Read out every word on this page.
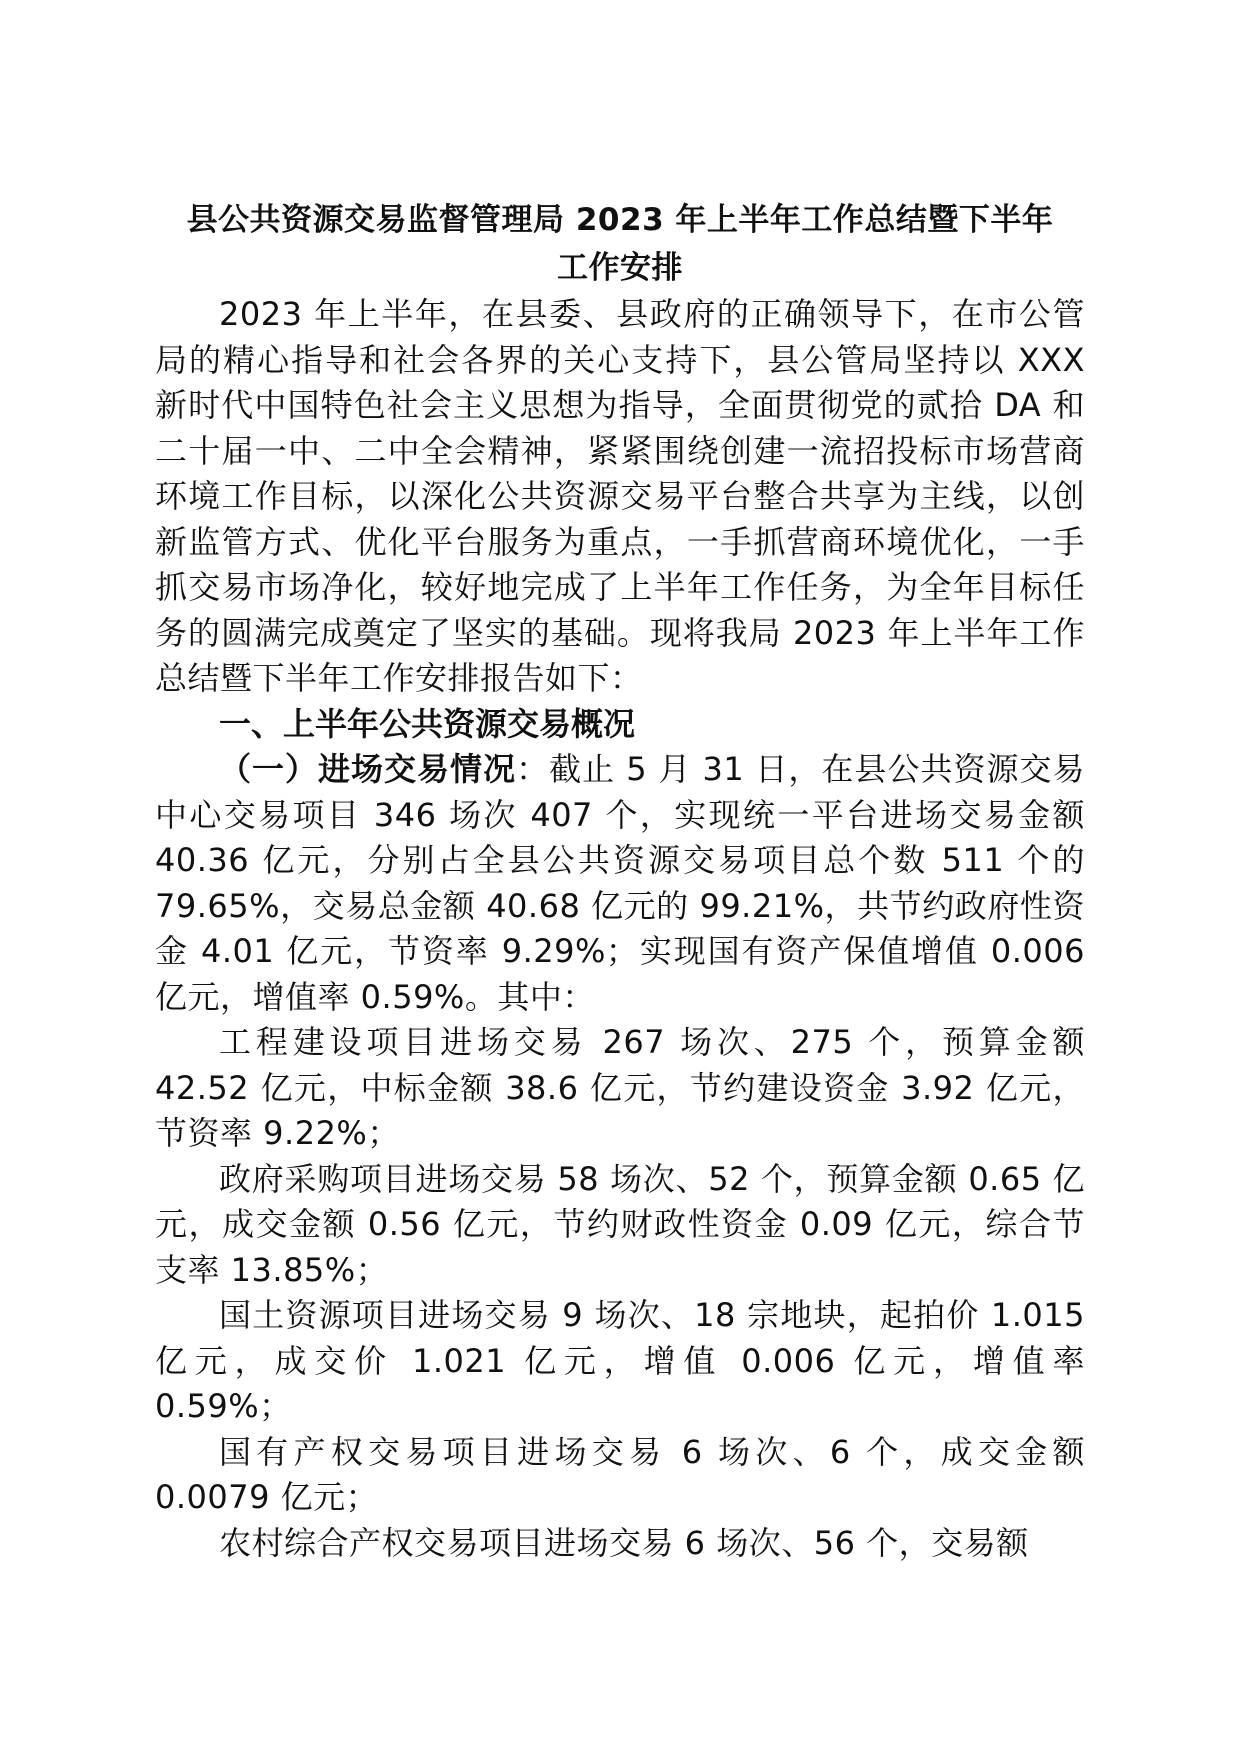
县公共资源交易监督管理局 2023 年上半年工作总结暨下半年
工作安排

2023 年上半年，在县委、县政府的正确领导下，在市公管局的精心指导和社会各界的关心支持下，县公管局坚持以 XXX 新时代中国特色社会主义思想为指导，全面贯彻党的贰拾 DA 和二十届一中、二中全会精神，紧紧围绕创建一流招投标市场营商环境工作目标，以深化公共资源交易平台整合共享为主线，以创新监管方式、优化平台服务为重点，一手抓营商环境优化，一手抓交易市场净化，较好地完成了上半年工作任务，为全年目标任务的圆满完成奠定了坚实的基础。现将我局 2023 年上半年工作总结暨下半年工作安排报告如下：

一、上半年公共资源交易概况

（一）进场交易情况：截止 5 月 31 日，在县公共资源交易中心交易项目 346 场次 407 个，实现统一平台进场交易金额 40.36 亿元，分别占全县公共资源交易项目总个数 511 个的 79.65%，交易总金额 40.68 亿元的 99.21%，共节约政府性资金 4.01 亿元，节资率 9.29%；实现国有资产保值增值 0.006 亿元，增值率 0.59%。其中：

工程建设项目进场交易 267 场次、275 个，预算金额 42.52 亿元，中标金额 38.6 亿元，节约建设资金 3.92 亿元，节资率 9.22%；

政府采购项目进场交易 58 场次、52 个，预算金额 0.65 亿元，成交金额 0.56 亿元，节约财政性资金 0.09 亿元，综合节支率 13.85%；

国土资源项目进场交易 9 场次、18 宗地块，起拍价 1.015 亿元，成交价 1.021 亿元，增值 0.006 亿元，增值率 0.59%；

国有产权交易项目进场交易 6 场次、6 个，成交金额 0.0079 亿元；

农村综合产权交易项目进场交易 6 场次、56 个，交易额
